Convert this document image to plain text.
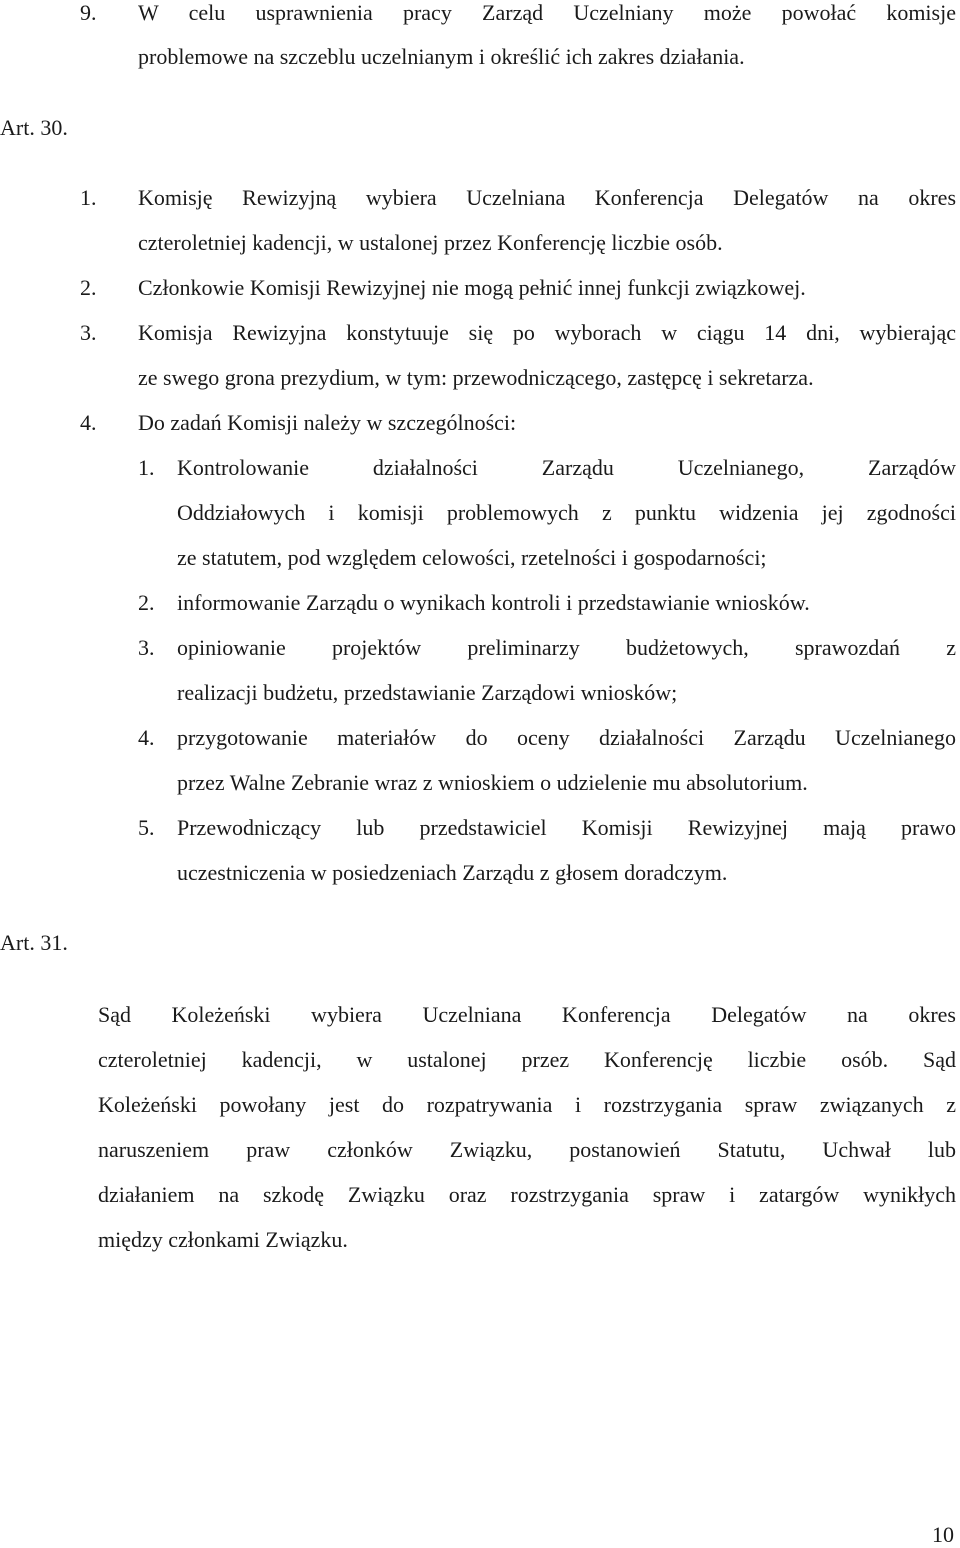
9. W celu usprawnienia pracy Zarząd Uczelniany może powołać komisje
problemowe na szczeblu uczelnianym i określić ich zakres działania.
Art. 30.
1. Komisję Rewizyjną wybiera Uczelniana Konferencja Delegatów na okres
czteroletniej kadencji, w ustalonej przez Konferencję liczbie osób.
2. Członkowie Komisji Rewizyjnej nie mogą pełnić innej funkcji związkowej.
3. Komisja Rewizyjna konstytuuje się po wyborach w ciągu 14 dni, wybierając
ze swego grona prezydium, w tym: przewodniczącego, zastępcę i sekretarza.
4. Do zadań Komisji należy w szczególności:
1. Kontrolowanie działalności Zarządu Uczelnianego, Zarządów
Oddziałowych i komisji problemowych z punktu widzenia jej zgodności
ze statutem, pod względem celowości, rzetelności i gospodarności;
2. informowanie Zarządu o wynikach kontroli i przedstawianie wniosków.
3. opiniowanie projektów preliminarzy budżetowych, sprawozdań z
realizacji budżetu, przedstawianie Zarządowi wniosków;
4. przygotowanie materiałów do oceny działalności Zarządu Uczelnianego
przez Walne Zebranie wraz z wnioskiem o udzielenie mu absolutorium.
5. Przewodniczący lub przedstawiciel Komisji Rewizyjnej mają prawo
uczestniczenia w posiedzeniach Zarządu z głosem doradczym.
Art. 31.
Sąd Koleżeński wybiera Uczelniana Konferencja Delegatów na okres
czteroletniej kadencji, w ustalonej przez Konferencję liczbie osób. Sąd
Koleżeński powołany jest do rozpatrywania i rozstrzygania spraw związanych z
naruszeniem praw członków Związku, postanowień Statutu, Uchwał lub
działaniem na szkodę Związku oraz rozstrzygania spraw i zatargów wynikłych
między członkami Związku.
10
